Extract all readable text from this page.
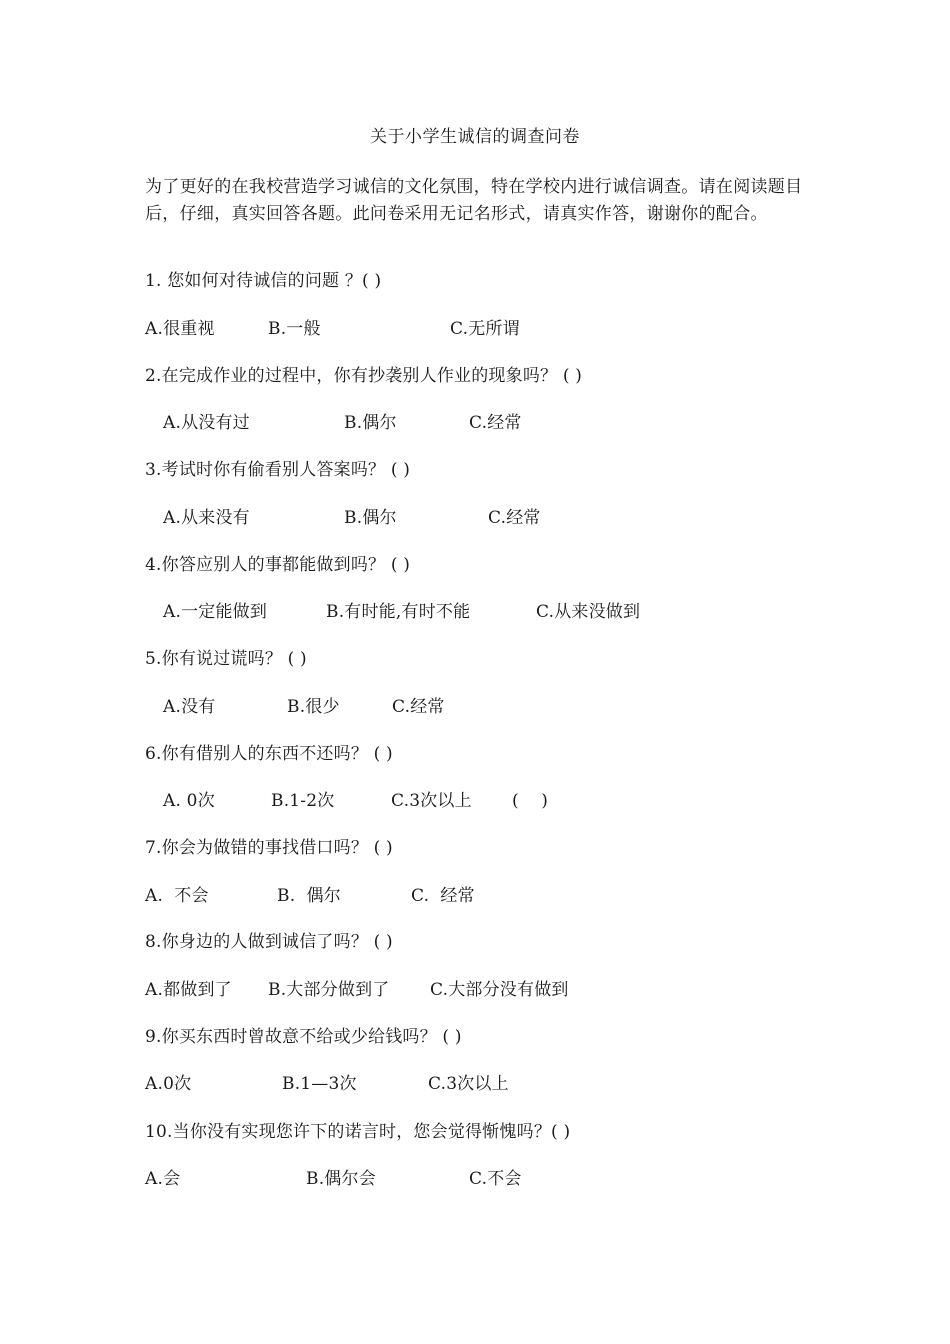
关于小学生诚信的调查问卷
为了更好的在我校营造学习诚信的文化氛围，特在学校内进行诚信调查。请在阅读题目后，仔细，真实回答各题。此问卷采用无记名形式，请真实作答，谢谢你的配合。
1. 您如何对待诚信的问题 ？( )
A.很重视	B.一般	C.无所谓
2.在完成作业的过程中，你有抄袭别人作业的现象吗？ ( )
A.从没有过	B.偶尔	C.经常
3.考试时你有偷看别人答案吗？ ( )
A.从来没有	B.偶尔	C.经常
4.你答应别人的事都能做到吗？ ( )
A.一定能做到	B.有时能,有时不能	C.从来没做到
5.你有说过谎吗？ ( )
A.没有	B.很少	C.经常
6.你有借别人的东西不还吗？ ( )
A. 0次	B.1-2次	C.3次以上 (    )
7.你会为做错的事找借口吗？ ( )
A.  不会	B.  偶尔	C.  经常
8.你身边的人做到诚信了吗？ ( )
A.都做到了 B.大部分做到了 C.大部分没有做到
9.你买东西时曾故意不给或少给钱吗？ ( )
A.0次	B.1—3次	C.3次以上
10.当你没有实现您许下的诺言时，您会觉得惭愧吗？( )
A.会	B.偶尔会	C.不会
